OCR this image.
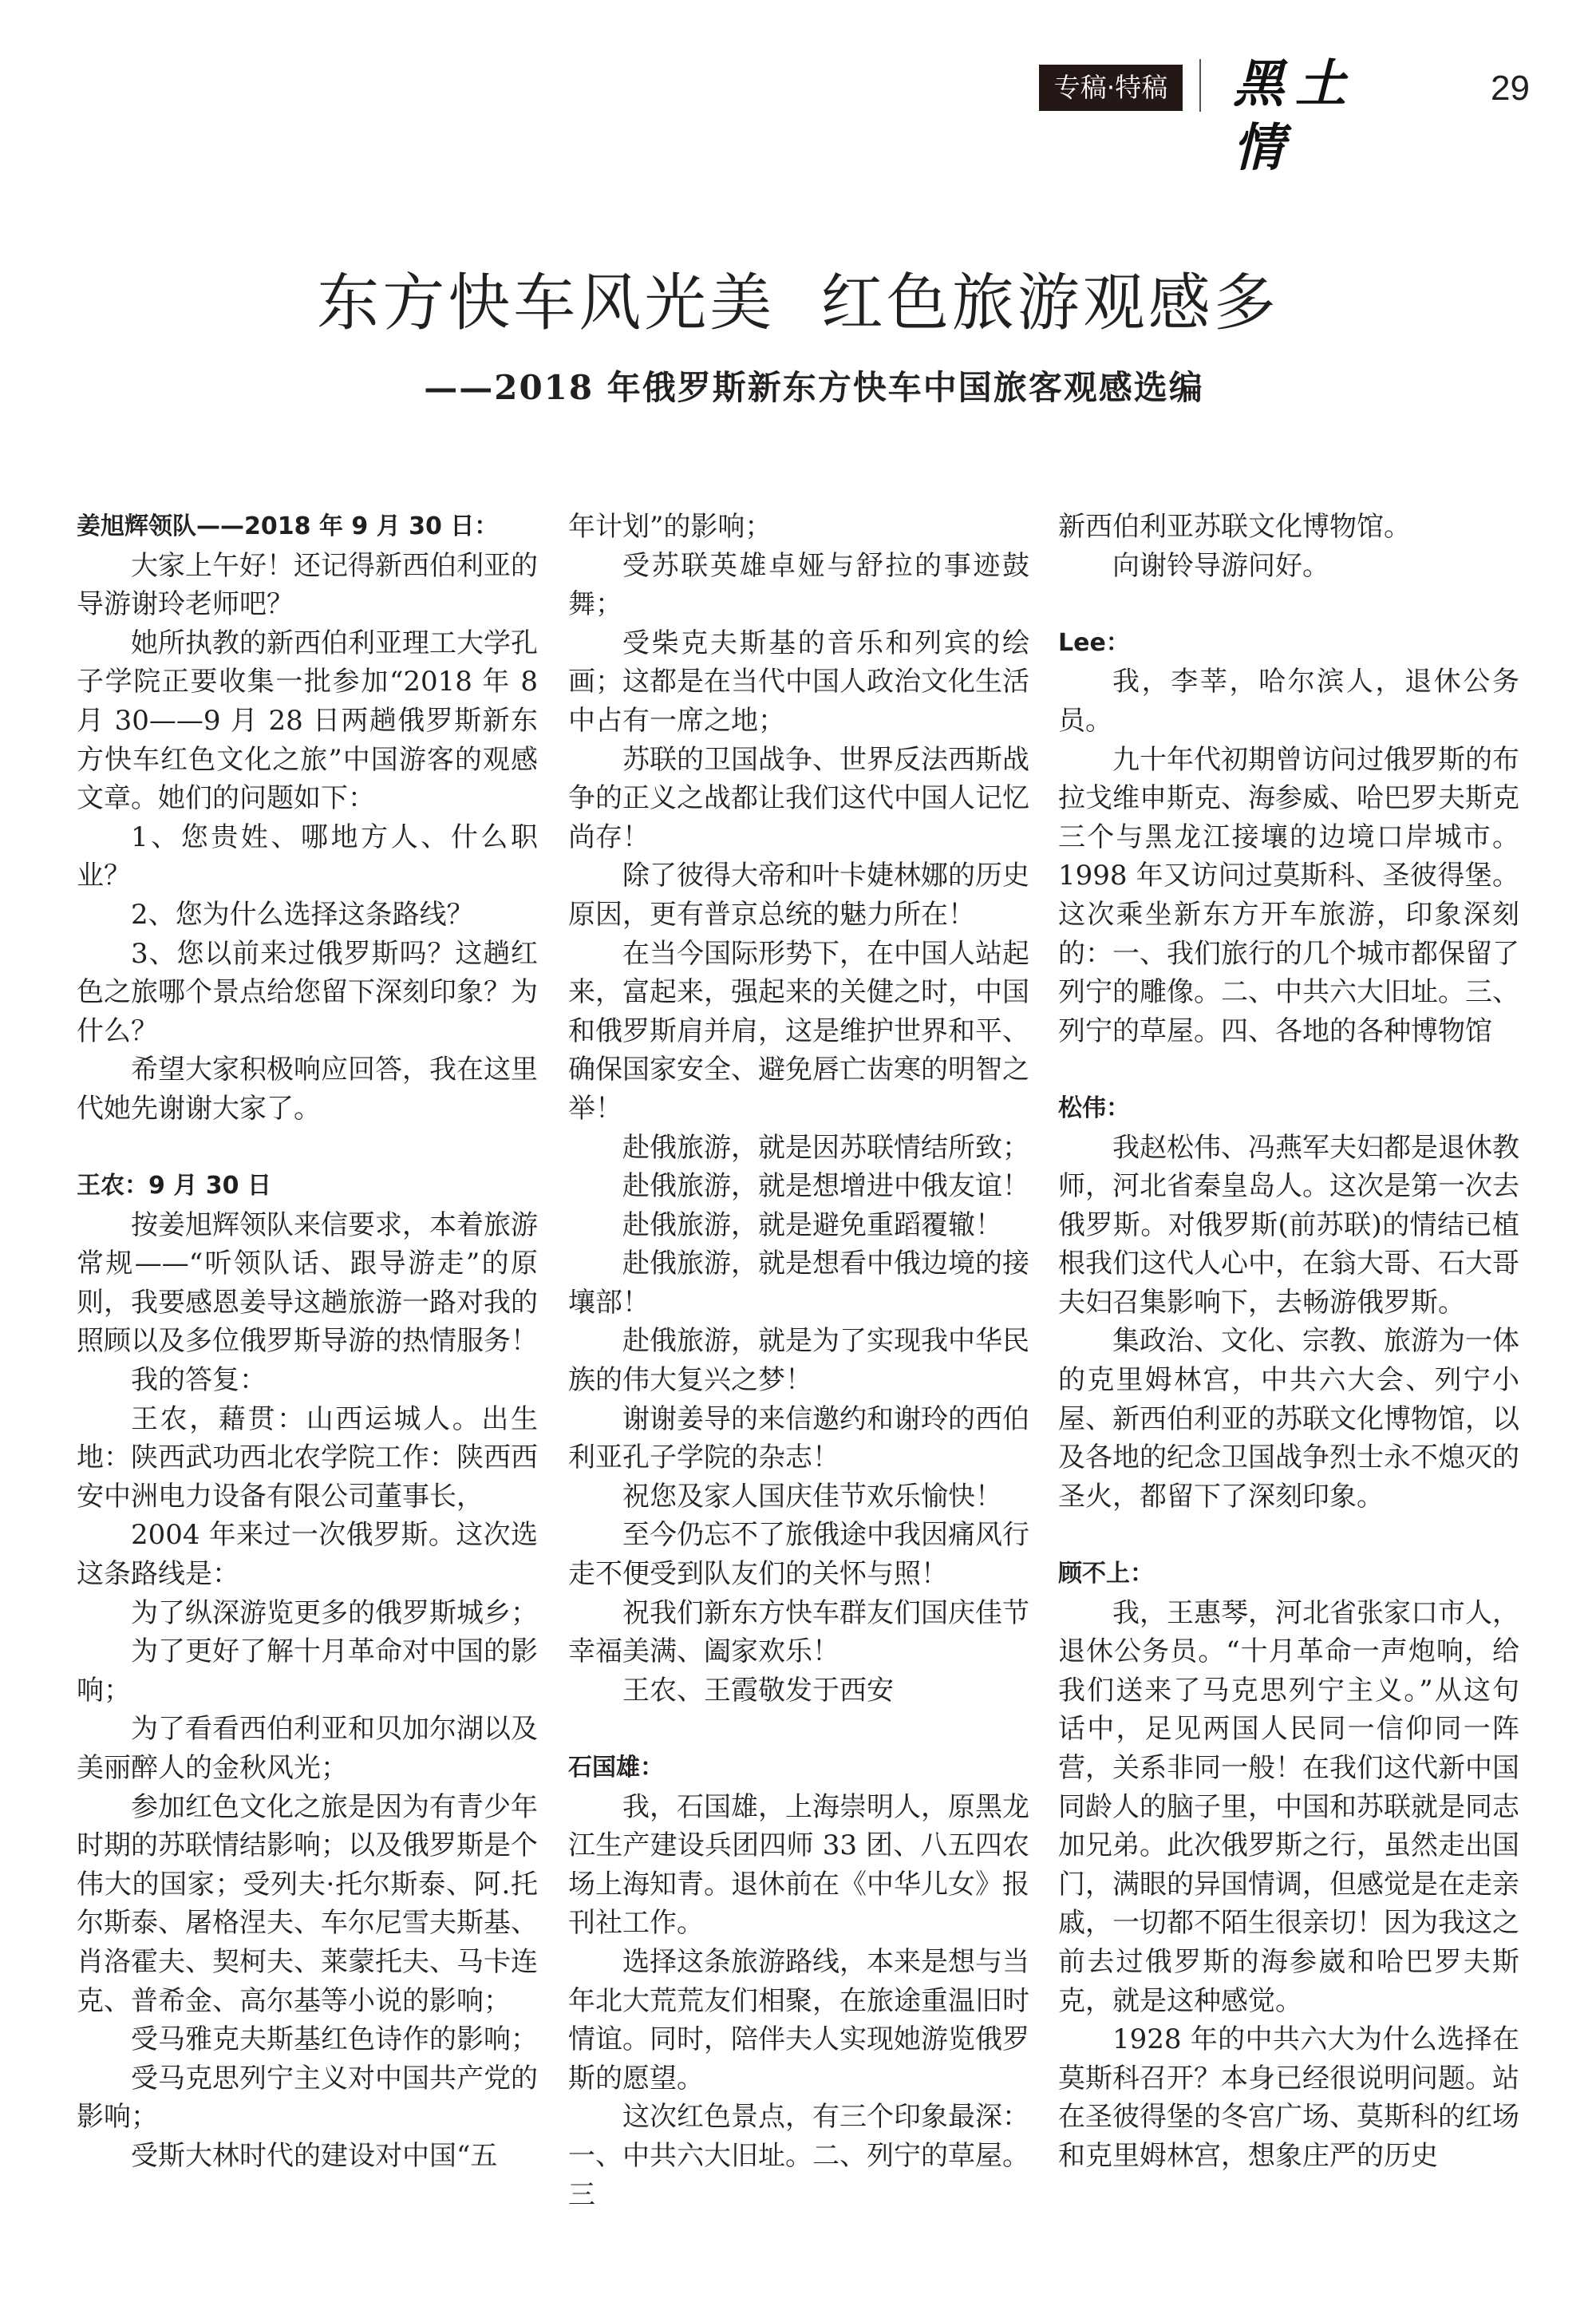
专稿·特稿 黑土情
29
东方快车风光美  红色旅游观感多
——2018 年俄罗斯新东方快车中国旅客观感选编
姜旭辉领队——2018 年 9 月 30 日：

大家上午好！还记得新西伯利亚的导游谢玲老师吧？

她所执教的新西伯利亚理工大学孔子学院正要收集一批参加“2018 年 8 月 30——9 月 28 日两趟俄罗斯新东方快车红色文化之旅”中国游客的观感文章。她们的问题如下：

1、您贵姓、哪地方人、什么职业？

2、您为什么选择这条路线？

3、您以前来过俄罗斯吗？这趟红色之旅哪个景点给您留下深刻印象？为什么？

希望大家积极响应回答，我在这里代她先谢谢大家了。

王农：9 月 30 日

按姜旭辉领队来信要求，本着旅游常规——“听领队话、跟导游走”的原则，我要感恩姜导这趟旅游一路对我的照顾以及多位俄罗斯导游的热情服务！

我的答复：

王农，藉贯：山西运城人。出生地：陕西武功西北农学院工作：陕西西安中洲电力设备有限公司董事长，

2004 年来过一次俄罗斯。这次选这条路线是：

为了纵深游览更多的俄罗斯城乡；

为了更好了解十月革命对中国的影响；

为了看看西伯利亚和贝加尔湖以及美丽醉人的金秋风光；

参加红色文化之旅是因为有青少年时期的苏联情结影响；以及俄罗斯是个伟大的国家；受列夫·托尔斯泰、阿.托尔斯泰、屠格涅夫、车尔尼雪夫斯基、肖洛霍夫、契柯夫、莱蒙托夫、马卡连克、普希金、高尔基等小说的影响；

受马雅克夫斯基红色诗作的影响；

受马克思列宁主义对中国共产党的影响；

受斯大林时代的建设对中国“五

年计划”的影响；

受苏联英雄卓娅与舒拉的事迹鼓舞；

受柴克夫斯基的音乐和列宾的绘画；这都是在当代中国人政治文化生活中占有一席之地；

苏联的卫国战争、世界反法西斯战争的正义之战都让我们这代中国人记忆尚存！

除了彼得大帝和叶卡婕林娜的历史原因，更有普京总统的魅力所在！

在当今国际形势下，在中国人站起来，富起来，强起来的关健之时，中国和俄罗斯肩并肩，这是维护世界和平、确保国家安全、避免唇亡齿寒的明智之举！

赴俄旅游，就是因苏联情结所致；

赴俄旅游，就是想增进中俄友谊！

赴俄旅游，就是避免重蹈覆辙！

赴俄旅游，就是想看中俄边境的接壤部！

赴俄旅游，就是为了实现我中华民族的伟大复兴之梦！

谢谢姜导的来信邀约和谢玲的西伯利亚孔子学院的杂志！

祝您及家人国庆佳节欢乐愉快！

至今仍忘不了旅俄途中我因痛风行走不便受到队友们的关怀与照！

祝我们新东方快车群友们国庆佳节幸福美满、阖家欢乐！

王农、王霞敬发于西安

石国雄：

我，石国雄，上海崇明人，原黑龙江生产建设兵团四师 33 团、八五四农场上海知青。退休前在《中华儿女》报刊社工作。

选择这条旅游路线，本来是想与当年北大荒荒友们相聚，在旅途重温旧时情谊。同时，陪伴夫人实现她游览俄罗斯的愿望。

这次红色景点，有三个印象最深：一、中共六大旧址。二、列宁的草屋。三

新西伯利亚苏联文化博物馆。

向谢铃导游问好。

Lee：

我，李莘，哈尔滨人，退休公务员。

九十年代初期曾访问过俄罗斯的布拉戈维申斯克、海参威、哈巴罗夫斯克三个与黑龙江接壤的边境口岸城市。1998 年又访问过莫斯科、圣彼得堡。这次乘坐新东方开车旅游，印象深刻的：一、我们旅行的几个城市都保留了列宁的雕像。二、中共六大旧址。三、列宁的草屋。四、各地的各种博物馆

松伟：

我赵松伟、冯燕军夫妇都是退休教师，河北省秦皇岛人。这次是第一次去俄罗斯。对俄罗斯(前苏联)的情结已植根我们这代人心中，在翁大哥、石大哥夫妇召集影响下，去畅游俄罗斯。

集政治、文化、宗教、旅游为一体的克里姆林宫，中共六大会、列宁小屋、新西伯利亚的苏联文化博物馆，以及各地的纪念卫国战争烈士永不熄灭的圣火，都留下了深刻印象。

顾不上：

我，王惠琴，河北省张家口市人，退休公务员。“十月革命一声炮响，给我们送来了马克思列宁主义。”从这句话中，足见两国人民同一信仰同一阵营，关系非同一般！在我们这代新中国同龄人的脑子里，中国和苏联就是同志加兄弟。此次俄罗斯之行，虽然走出国门，满眼的异国情调，但感觉是在走亲戚，一切都不陌生很亲切！因为我这之前去过俄罗斯的海参崴和哈巴罗夫斯克，就是这种感觉。

1928 年的中共六大为什么选择在莫斯科召开？本身已经很说明问题。站在圣彼得堡的冬宫广场、莫斯科的红场和克里姆林宫，想象庄严的历史
